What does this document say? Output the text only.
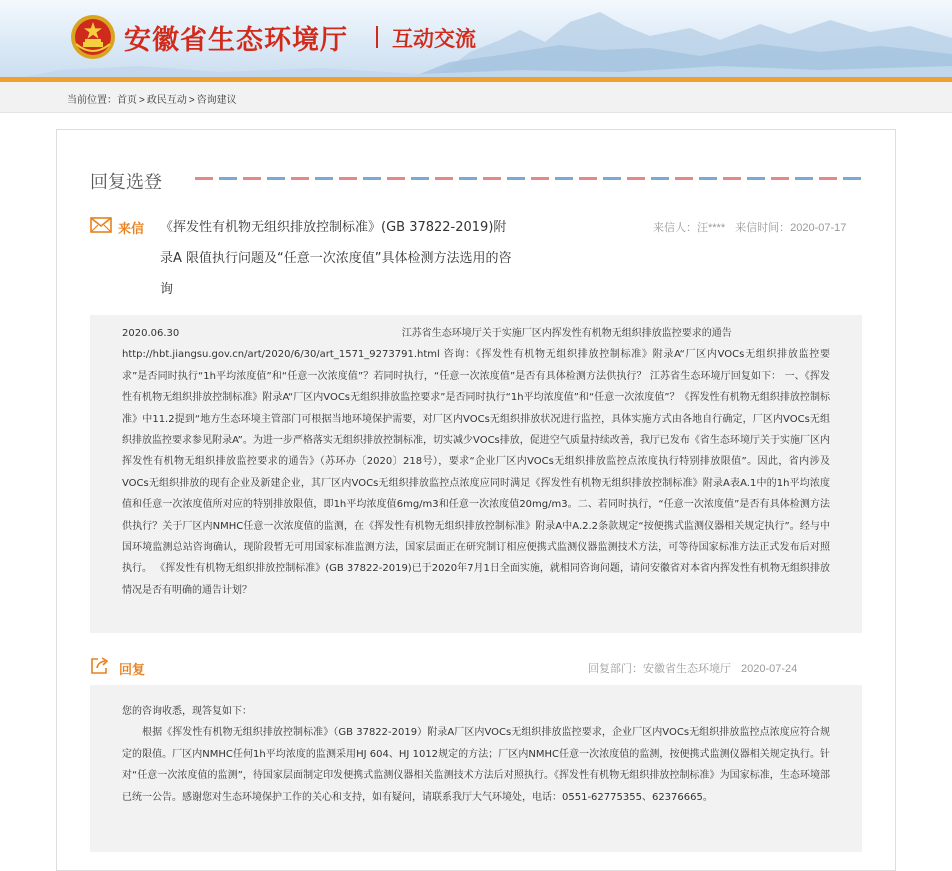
安徽省生态环境厅 互动交流
当前位置：首页 > 政民互动 > 咨询建议
回复选登
来信 《挥发性有机物无组织排放控制标准》(GB 37822-2019)附录A 限值执行问题及“任意一次浓度值”具体检测方法选用的咨询
来信人：汪**** 来信时间：2020-07-17

2020.06.30                                                                      江苏省生态环境厅关于实施厂区内挥发性有机物无组织排放监控要求的通告

http://hbt.jiangsu.gov.cn/art/2020/6/30/art_1571_9273791.html 咨询：《挥发性有机物无组织排放控制标准》附录A“厂区内VOCs无组织排放监控要求”是否同时执行“1h平均浓度值”和“任意一次浓度值”？若同时执行，“任意一次浓度值”是否有具体检测方法供执行？ 江苏省生态环境厅回复如下： 一、《挥发性有机物无组织排放控制标准》附录A“厂区内VOCs无组织排放监控要求”是否同时执行“1h平均浓度值”和“任意一次浓度值”？《挥发性有机物无组织排放控制标准》中11.2提到“地方生态环境主管部门可根据当地环境保护需要，对厂区内VOCs无组织排放状况进行监控，具体实施方式由各地自行确定，厂区内VOCs无组织排放监控要求参见附录A”。为进一步严格落实无组织排放控制标准，切实减少VOCs排放，促进空气质量持续改善，我厅已发布《省生态环境厅关于实施厂区内挥发性有机物无组织排放监控要求的通告》（苏环办〔2020〕218号），要求“企业厂区内VOCs无组织排放监控点浓度执行特别排放限值”。因此，省内涉及VOCs无组织排放的现有企业及新建企业，其厂区内VOCs无组织排放监控点浓度应同时满足《挥发性有机物无组织排放控制标准》附录A表A.1中的1h平均浓度值和任意一次浓度值所对应的特别排放限值，即1h平均浓度值6mg/m3和任意一次浓度值20mg/m3。二、若同时执行，“任意一次浓度值”是否有具体检测方法供执行？关于厂区内NMHC任意一次浓度值的监测，在《挥发性有机物无组织排放控制标准》附录A中A.2.2条款规定“按便携式监测仪器相关规定执行”。经与中国环境监测总站咨询确认，现阶段暂无可用国家标准监测方法，国家层面正在研究制订相应便携式监测仪器监测技术方法，可等待国家标准方法正式发布后对照执行。 《挥发性有机物无组织排放控制标准》(GB 37822-2019)已于2020年7月1日全面实施，就相同咨询问题，请问安徽省对本省内挥发性有机物无组织排放情况是否有明确的通告计划？

回复	回复部门：安徽省生态环境厅 2020-07-24

您的咨询收悉，现答复如下：

根据《挥发性有机物无组织排放控制标准》（GB 37822-2019）附录A厂区内VOCs无组织排放监控要求，企业厂区内VOCs无组织排放监控点浓度应符合规定的限值。厂区内NMHC任何1h平均浓度的监测采用HJ 604、HJ 1012规定的方法；厂区内NMHC任意一次浓度值的监测，按便携式监测仪器相关规定执行。针对“任意一次浓度值的监测”，待国家层面制定印发便携式监测仪器相关监测技术方法后对照执行。《挥发性有机物无组织排放控制标准》为国家标准，生态环境部已统一公告。感谢您对生态环境保护工作的关心和支持，如有疑问，请联系我厅大气环境处，电话：0551-62775355、62376665。
